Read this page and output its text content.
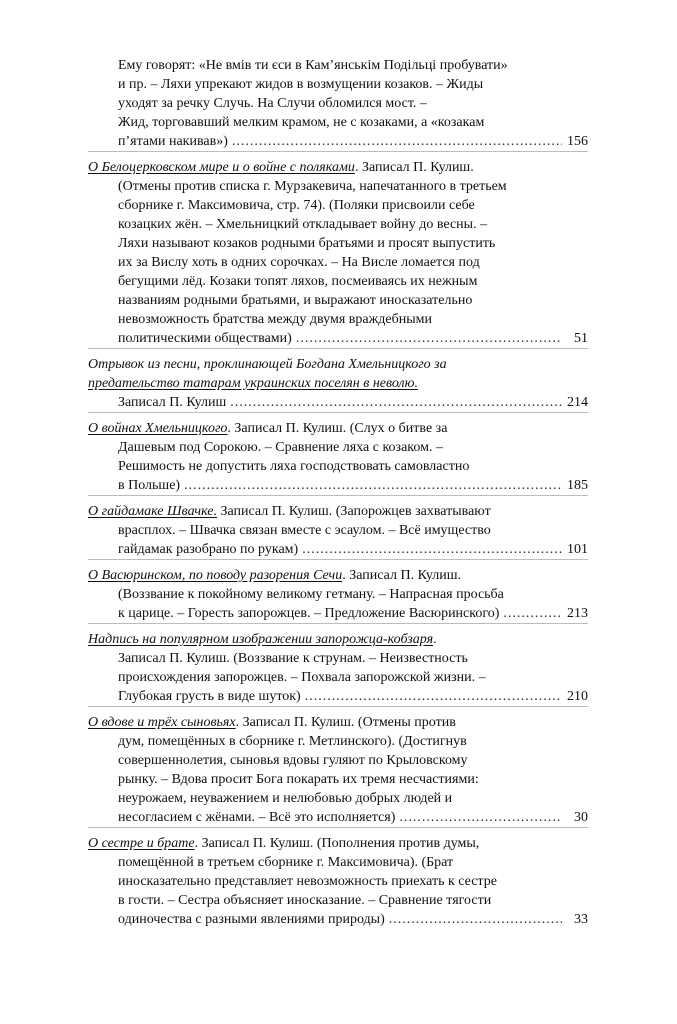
Ему говорят: «Не вмів ти єси в Кам’янськім Подільці пробувати»
и пр. – Ляхи упрекают жидов в возмущении козаков. – Жиды
уходят за речку Случь. На Случи обломился мост. –
Жид, торговавший мелким крамом, не с козаками, а «козакам
п’ятами накивав») .....	156
О Белоцерковском мире и о войне с поляками. Записал П. Кулиш.
(Отмены против списка г. Мурзакевича, напечатанного в третьем
сборнике г. Максимовича, стр. 74). (Поляки присвоили себе
козацких жён. – Хмельницкий откладывает войну до весны. –
Ляхи называют козаков родными братьями и просят выпустить
их за Вислу хоть в одних сорочках. – На Висле ломается под
бегущими лёд. Козаки топят ляхов, посмеиваясь их нежным
названиям родными братьями, и выражают иносказательно
невозможность братства между двумя враждебными
политическими обществами) .....	51
Отрывок из песни, проклинающей Богдана Хмельницкого за
предательство татарам украинских поселян в неволю.
Записал П. Кулиш .....	214
О войнах Хмельницкого. Записал П. Кулиш. (Слух о битве за
Дашевым под Сорокою. – Сравнение ляха с козаком. –
Решимость не допустить ляха господствовать самовластно
в Польше) .....	185
О гайдамаке Швачке. Записал П. Кулиш. (Запорожцев захватывают
врасплох. – Швачка связан вместе с эсаулом. – Всё имущество
гайдамак разобрано по рукам) .....	101
О Васюринском, по поводу разорения Сечи. Записал П. Кулиш.
(Воззвание к покойному великому гетману. – Напрасная просьба
к царице. – Горесть запорожцев. – Предложение Васюринского) .....	213
Надпись на популярном изображении запорожца-кобзаря.
Записал П. Кулиш. (Воззвание к струнам. – Неизвестность
происхождения запорожцев. – Похвала запорожской жизни. –
Глубокая грусть в виде шуток) .....	210
О вдове и трёх сыновьях. Записал П. Кулиш. (Отмены против
дум, помещённых в сборнике г. Метлинского). (Достигнув
совершеннолетия, сыновья вдовы гуляют по Крыловскому
рынку. – Вдова просит Бога покарать их тремя несчастиями:
неурожаем, неуважением и нелюбовью добрых людей и
несогласием с жёнами. – Всё это исполняется) .....	30
О сестре и брате. Записал П. Кулиш. (Пополнения против думы,
помещённой в третьем сборнике г. Максимовича). (Брат
иносказательно представляет невозможность приехать к сестре
в гости. – Сестра объясняет иносказание. – Сравнение тягости
одиночества с разными явлениями природы) .....	33
